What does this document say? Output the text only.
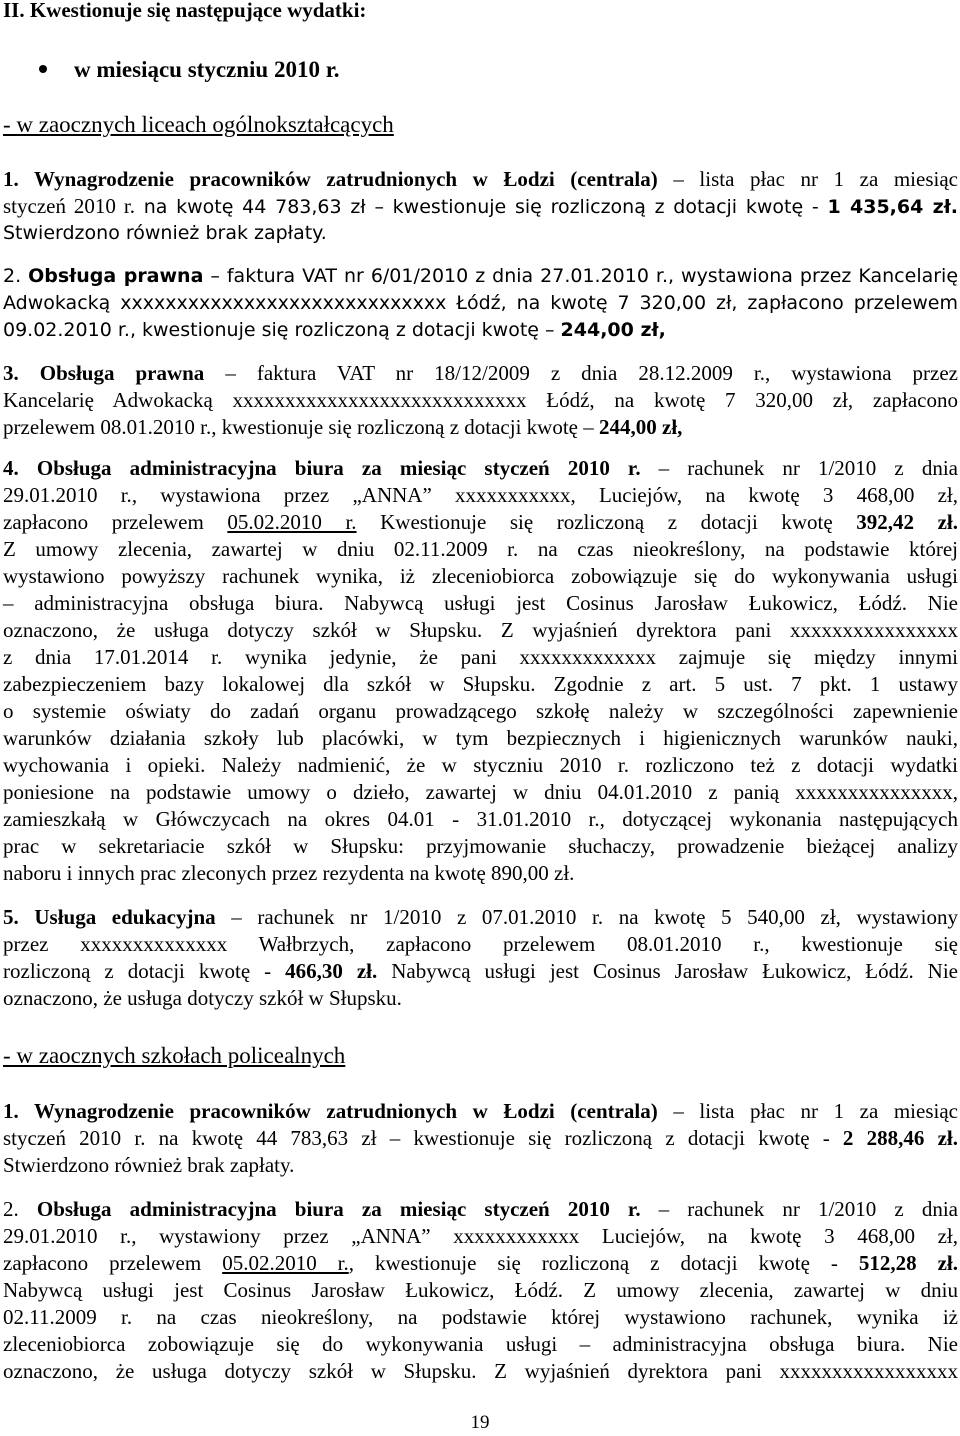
II. Kwestionuje się następujące wydatki:
w miesiącu styczniu 2010 r.
- w zaocznych liceach ogólnokształcących
1. Wynagrodzenie pracowników zatrudnionych w Łodzi (centrala) – lista płac nr 1 za miesiąc
styczeń 2010 r. na kwotę 44 783,63 zł – kwestionuje się rozliczoną z dotacji kwotę - 1 435,64 zł.
Stwierdzono również brak zapłaty.
2. Obsługa prawna – faktura VAT nr 6/01/2010 z dnia 27.01.2010 r., wystawiona przez Kancelarię
Adwokacką xxxxxxxxxxxxxxxxxxxxxxxxxxxxx Łódź, na kwotę 7 320,00 zł, zapłacono przelewem
09.02.2010 r., kwestionuje się rozliczoną z dotacji kwotę – 244,00 zł,
3. Obsługa prawna – faktura VAT nr 18/12/2009 z dnia 28.12.2009 r., wystawiona przez
Kancelarię Adwokacką xxxxxxxxxxxxxxxxxxxxxxxxxxxx Łódź, na kwotę 7 320,00 zł, zapłacono
przelewem 08.01.2010 r., kwestionuje się rozliczoną z dotacji kwotę – 244,00 zł,
4. Obsługa administracyjna biura za miesiąc styczeń 2010 r. – rachunek nr 1/2010 z dnia
29.01.2010 r., wystawiona przez „ANNA” xxxxxxxxxxx, Luciejów, na kwotę 3 468,00 zł,
zapłacono przelewem 05.02.2010 r. Kwestionuje się rozliczoną z dotacji kwotę 392,42 zł.
Z umowy zlecenia, zawartej w dniu 02.11.2009 r. na czas nieokreślony, na podstawie której
wystawiono powyższy rachunek wynika, iż zleceniobiorca zobowiązuje się do wykonywania usługi
– administracyjna obsługa biura. Nabywcą usługi jest Cosinus Jarosław Łukowicz, Łódź. Nie
oznaczono, że usługa dotyczy szkół w Słupsku. Z wyjaśnień dyrektora pani xxxxxxxxxxxxxxxx
z dnia 17.01.2014 r. wynika jedynie, że pani xxxxxxxxxxxxx zajmuje się między innymi
zabezpieczeniem bazy lokalowej dla szkół w Słupsku. Zgodnie z art. 5 ust. 7 pkt. 1 ustawy
o systemie oświaty do zadań organu prowadzącego szkołę należy w szczególności zapewnienie
warunków działania szkoły lub placówki, w tym bezpiecznych i higienicznych warunków nauki,
wychowania i opieki. Należy nadmienić, że w styczniu 2010 r. rozliczono też z dotacji wydatki
poniesione na podstawie umowy o dzieło, zawartej w dniu 04.01.2010 z panią xxxxxxxxxxxxxxx,
zamieszkałą w Główczycach na okres 04.01 - 31.01.2010 r., dotyczącej wykonania następujących
prac w sekretariacie szkół w Słupsku: przyjmowanie słuchaczy, prowadzenie bieżącej analizy
naboru i innych prac zleconych przez rezydenta na kwotę 890,00 zł.
5. Usługa edukacyjna – rachunek nr 1/2010 z 07.01.2010 r. na kwotę 5 540,00 zł, wystawiony
przez xxxxxxxxxxxxxx Wałbrzych, zapłacono przelewem 08.01.2010 r., kwestionuje się
rozliczoną z dotacji kwotę - 466,30 zł. Nabywcą usługi jest Cosinus Jarosław Łukowicz, Łódź. Nie
oznaczono, że usługa dotyczy szkół w Słupsku.
- w zaocznych szkołach policealnych
1. Wynagrodzenie pracowników zatrudnionych w Łodzi (centrala) – lista płac nr 1 za miesiąc
styczeń 2010 r. na kwotę 44 783,63 zł – kwestionuje się rozliczoną z dotacji kwotę - 2 288,46 zł.
Stwierdzono również brak zapłaty.
2. Obsługa administracyjna biura za miesiąc styczeń 2010 r. – rachunek nr 1/2010 z dnia
29.01.2010 r., wystawiony przez „ANNA” xxxxxxxxxxxx Luciejów, na kwotę 3 468,00 zł,
zapłacono przelewem 05.02.2010 r., kwestionuje się rozliczoną z dotacji kwotę - 512,28 zł.
Nabywcą usługi jest Cosinus Jarosław Łukowicz, Łódź. Z umowy zlecenia, zawartej w dniu
02.11.2009 r. na czas nieokreślony, na podstawie której wystawiono rachunek, wynika iż
zleceniobiorca zobowiązuje się do wykonywania usługi – administracyjna obsługa biura. Nie
oznaczono, że usługa dotyczy szkół w Słupsku. Z wyjaśnień dyrektora pani xxxxxxxxxxxxxxxxx
19
